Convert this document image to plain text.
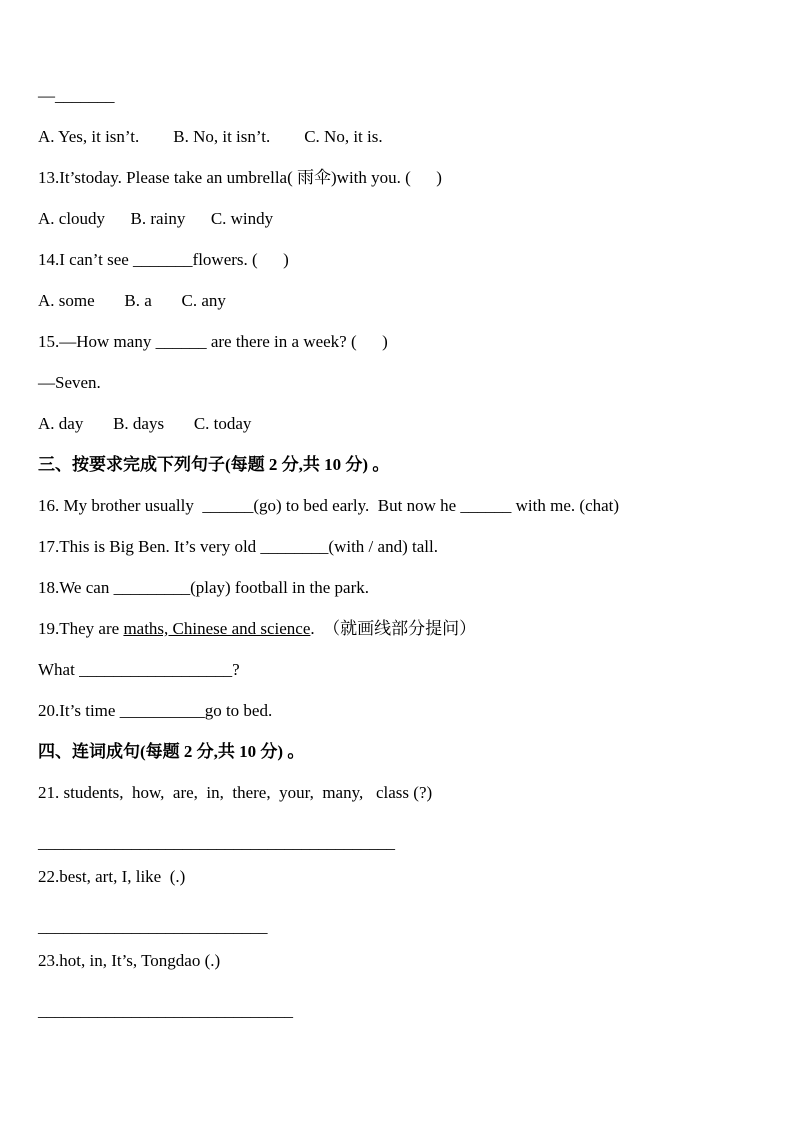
—_______

A. Yes, it isn’t.        B. No, it isn’t.        C. No, it is.

13.It’stoday. Please take an umbrella( 雨伞)with you. (      )

A. cloudy      B. rainy      C. windy

14.I can’t see _______flowers. (      )

A. some       B. a       C. any

15.—How many ______ are there in a week? (      )

—Seven.

A. day       B. days       C. today

三、按要求完成下列句子(每题 2 分,共 10 分) 。

16. My brother usually  ______(go) to bed early.  But now he ______ with me. (chat)

17.This is Big Ben. It’s very old ________(with / and) tall.

18.We can _________(play) football in the park.

19.They are maths, Chinese and science.  （就画线部分提问）

What __________________?

20.It’s time __________go to bed.

四、连词成句(每题 2 分,共 10 分) 。

21. students,  how,  are,  in,  there,  your,  many,   class (?)

__________________________________________

22.best, art, I, like  (.)

___________________________

23.hot, in, It’s, Tongdao (.)

______________________________
